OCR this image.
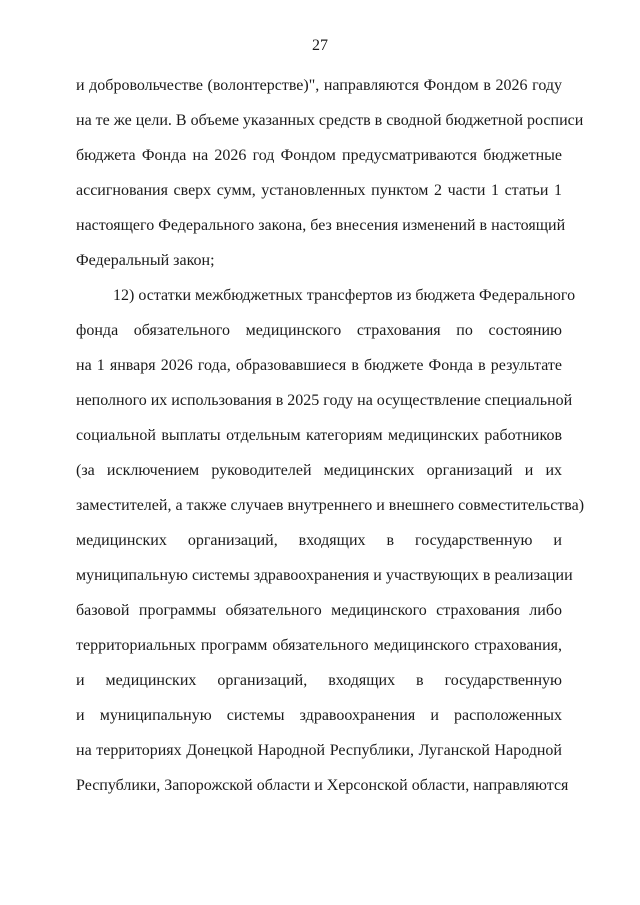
27
и добровольчестве (волонтерстве)", направляются Фондом в 2026 году
на те же цели. В объеме указанных средств в сводной бюджетной росписи
бюджета Фонда на 2026 год Фондом предусматриваются бюджетные
ассигнования сверх сумм, установленных пунктом 2 части 1 статьи 1
настоящего Федерального закона, без внесения изменений в настоящий
Федеральный закон;
12) остатки межбюджетных трансфертов из бюджета Федерального
фонда обязательного медицинского страхования по состоянию
на 1 января 2026 года, образовавшиеся в бюджете Фонда в результате
неполного их использования в 2025 году на осуществление специальной
социальной выплаты отдельным категориям медицинских работников
(за исключением руководителей медицинских организаций и их
заместителей, а также случаев внутреннего и внешнего совместительства)
медицинских организаций, входящих в государственную и
муниципальную системы здравоохранения и участвующих в реализации
базовой программы обязательного медицинского страхования либо
территориальных программ обязательного медицинского страхования,
и медицинских организаций, входящих в государственную
и муниципальную системы здравоохранения и расположенных
на территориях Донецкой Народной Республики, Луганской Народной
Республики, Запорожской области и Херсонской области, направляются
